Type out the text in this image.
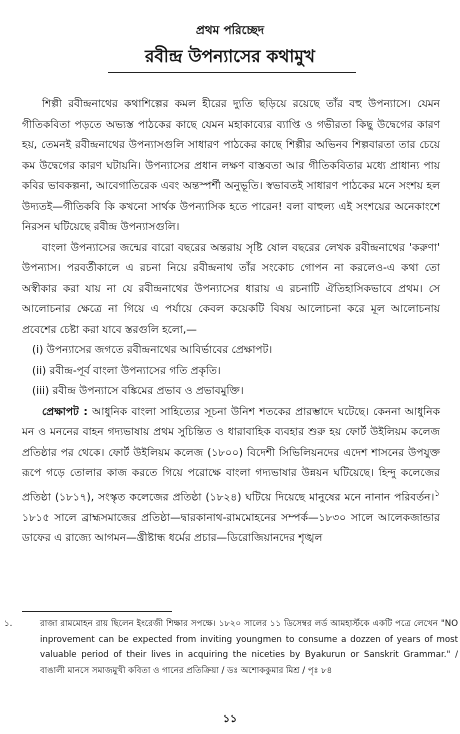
প্রথম পরিচ্ছেদ
রবীন্দ্র উপন্যাসের কথামুখ

শিল্পী রবীন্দ্রনাথের কথাশিল্পের কমল হীরের দ্যুতি ছড়িয়ে রয়েছে তাঁর বহু উপন্যাসে। যেমন গীতিকবিতা পড়তে অভ্যস্ত পাঠকের কাছে যেমন মহাকাব্যের ব্যাপ্তি ও গভীরতা কিছু উদ্বেগের কারণ হয়, তেমনই রবীন্দ্রনাথের উপন্যাসগুলি সাধারণ পাঠকের কাছে শিল্পীর অভিনব শিল্পবারতা তার চেয়ে কম উদ্বেগের কারণ ঘটায়নি। উপন্যাসের প্রধান লক্ষণ বাস্তবতা আর গীতিকবিতার মধ্যে প্রাধান্য পায় কবির ভাবকল্পনা, আবেগাতিরেক এবং অন্তস্পর্শী অনুভূতি। স্বভাবতই সাধারণ পাঠকের মনে সংশয় হল উদ্যতই—গীতিকবি কি কখনো সার্থক উপন্যাসিক হতে পারেন! বলা বাহুল্য এই সংশয়ের অনেকাংশে নিরসন ঘটিয়েছে রবীন্দ্র উপন্যাসগুলি।

বাংলা উপন্যাসের জন্মের বারো বছরের অন্তরায় সৃষ্টি ষোল বছরের লেখক রবীন্দ্রনাথের 'করুণা' উপন্যাস। পরবর্তীকালে এ রচনা নিয়ে রবীন্দ্রনাথ তাঁর সংকোচ গোপন না করলেও-এ কথা তো অস্বীকার করা যায় না যে রবীন্দ্রনাথের উপন্যাসের ধারায় এ রচনাটি ঐতিহাসিকভাবে প্রথম। সে আলোচনার ক্ষেত্রে না গিয়ে এ পর্যায়ে কেবল কয়েকটি বিষয় আলোচনা করে মূল আলোচনায় প্রবেশের চেষ্টা করা যাবে স্তরগুলি হলো,—

(i) উপন্যাসের জগতে রবীন্দ্রনাথের আবির্ভাবের প্রেক্ষাপট।
(ii) রবীন্দ্র-পূর্ব বাংলা উপন্যাসের গতি প্রকৃতি।
(iii) রবীন্দ্র উপন্যাসে বঙ্কিমের প্রভাব ও প্রভাবমুক্তি।

প্রেক্ষাপট : আধুনিক বাংলা সাহিত্যের সূচনা উনিশ শতকের প্রারম্ভাদে ঘটেছে। কেননা আধুনিক মন ও মননের বাহন গদ্যভাষায় প্রথম সুচিন্তিত ও ধারাবাহিক ব্যবহার শুরু হয় ফোর্ট উইলিয়ম কলেজ প্রতিষ্ঠার পর থেকে। ফোর্ট উইলিয়ম কলেজ (১৮০০) বিদেশী সিভিলিয়নদের এদেশ শাসনের উপযুক্ত রূপে গড়ে তোলার কাজ করতে গিয়ে পরোক্ষে বাংলা গদ্যভাষার উন্নয়ন ঘটিয়েছে। হিন্দু কলেজের প্রতিষ্ঠা (১৮১৭), সংস্কৃত কলেজের প্রতিষ্ঠা (১৮২৪) ঘটিয়ে দিয়েছে মানুষের মনে নানান পরিবর্তন।$^১$ ১৮১৫ সালে ব্রাহ্মসমাজের প্রতিষ্ঠা—দ্বারকানাথ-রামমোহনের সম্পর্ক—১৮৩০ সালে আলেকজান্ডার ডাফের এ রাজ্যে আগমন—খ্রীষ্টান্ধ ধর্মের প্রচার—ডিরোজিয়ানদের শৃঙ্খল

১.	রাজা রামমোহন রায় ছিলেন ইংরেজী শিক্ষার সপক্ষে। ১৮২০ সালের ১১ ডিসেম্বর লর্ড আমহার্স্টকে একটি পত্রে লেখেন "NO inprovement can be expected from inviting youngmen to consume a dozzen of years of most valuable period of their lives in acquiring the niceties by Byakurun or Sanskrit Grammar." / বাঙালী মানসে সমাজমুখী কবিতা ও গানের প্রতিক্রিয়া / ডঃ অশোককুমার মিশ্র / পৃঃ ৮৪
১১
